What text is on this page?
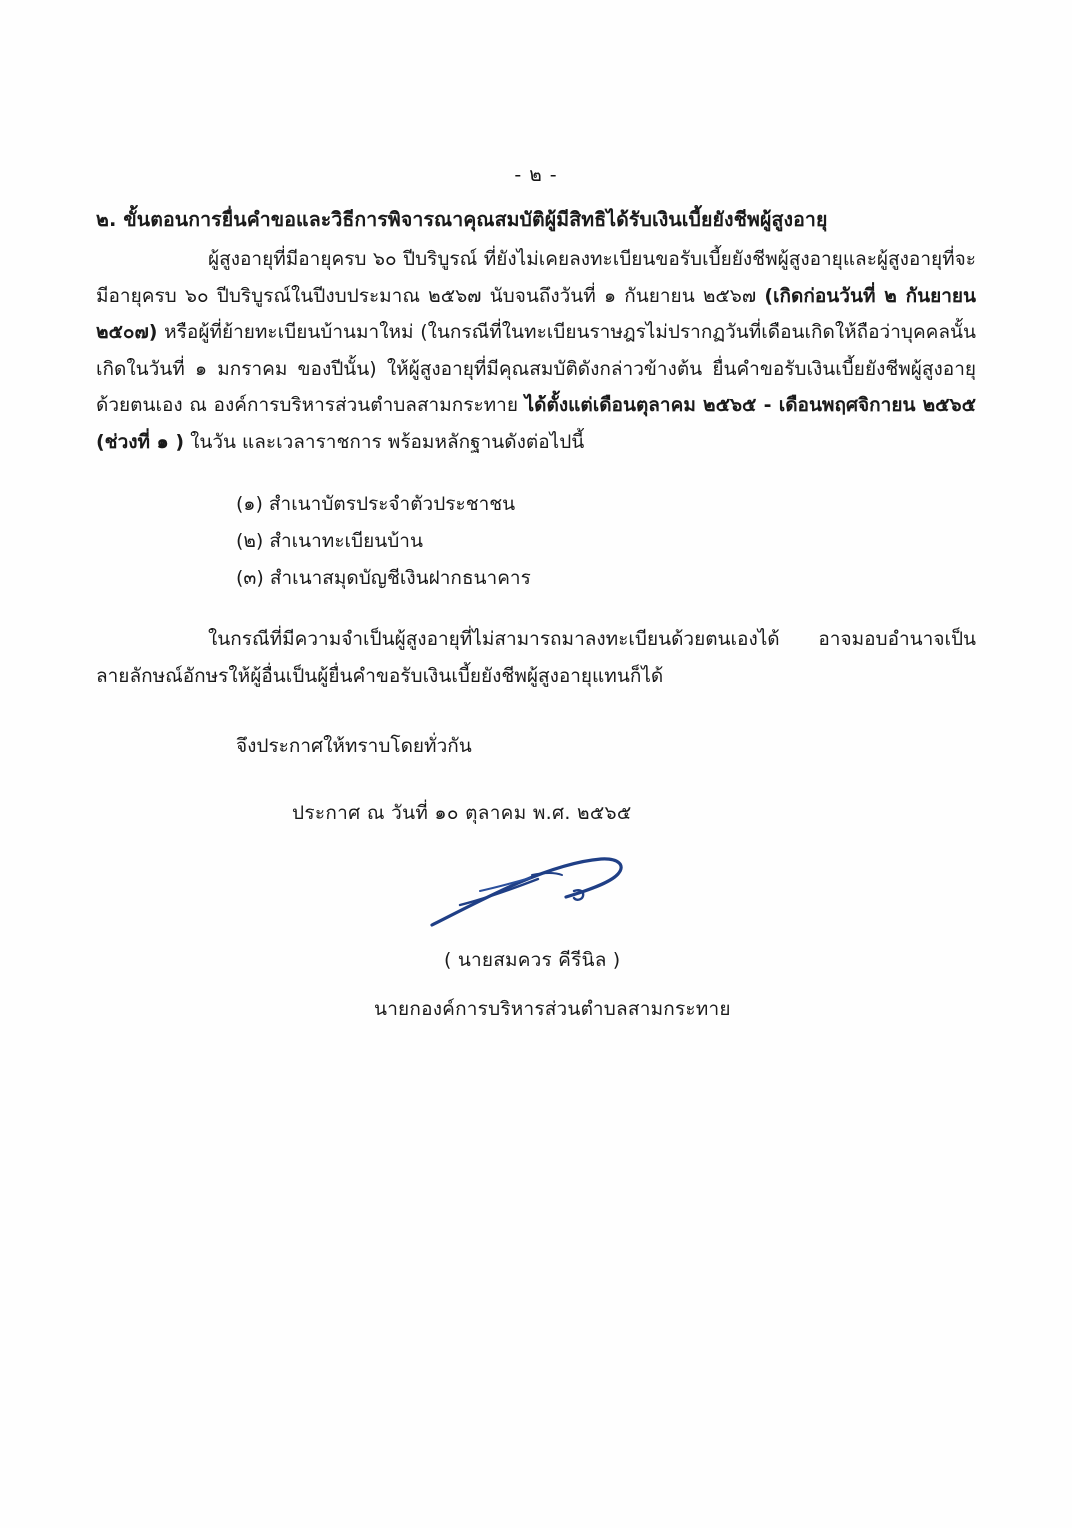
- ๒ -

๒. ขั้นตอนการยื่นคำขอและวิธีการพิจารณาคุณสมบัติผู้มีสิทธิได้รับเงินเบี้ยยังชีพผู้สูงอายุ

ผู้สูงอายุที่มีอายุครบ ๖๐ ปีบริบูรณ์ ที่ยังไม่เคยลงทะเบียนขอรับเบี้ยยังชีพผู้สูงอายุและผู้สูงอายุที่จะมีอายุครบ ๖๐ ปีบริบูรณ์ในปีงบประมาณ ๒๕๖๗ นับจนถึงวันที่ ๑ กันยายน ๒๕๖๗ (เกิดก่อนวันที่ ๒ กันยายน ๒๕๐๗) หรือผู้ที่ย้ายทะเบียนบ้านมาใหม่ (ในกรณีที่ในทะเบียนราษฎรไม่ปรากฏวันที่เดือนเกิดให้ถือว่าบุคคลนั้นเกิดในวันที่ ๑ มกราคม ของปีนั้น) ให้ผู้สูงอายุที่มีคุณสมบัติดังกล่าวข้างต้น ยื่นคำขอรับเงินเบี้ยยังชีพผู้สูงอายุด้วยตนเอง ณ องค์การบริหารส่วนตำบลสามกระทาย ได้ตั้งแต่เดือนตุลาคม ๒๕๖๕ - เดือนพฤศจิกายน ๒๕๖๕ (ช่วงที่ ๑ ) ในวัน และเวลาราชการ พร้อมหลักฐานดังต่อไปนี้

(๑) สำเนาบัตรประจำตัวประชาชน
(๒) สำเนาทะเบียนบ้าน
(๓) สำเนาสมุดบัญชีเงินฝากธนาคาร

ในกรณีที่มีความจำเป็นผู้สูงอายุที่ไม่สามารถมาลงทะเบียนด้วยตนเองได้ อาจมอบอำนาจเป็นลายลักษณ์อักษรให้ผู้อื่นเป็นผู้ยื่นคำขอรับเงินเบี้ยยังชีพผู้สูงอายุแทนก็ได้

จึงประกาศให้ทราบโดยทั่วกัน

ประกาศ ณ วันที่ ๑๐ ตุลาคม พ.ศ. ๒๕๖๕

( นายสมควร คีรีนิล )

นายกองค์การบริหารส่วนตำบลสามกระทาย
